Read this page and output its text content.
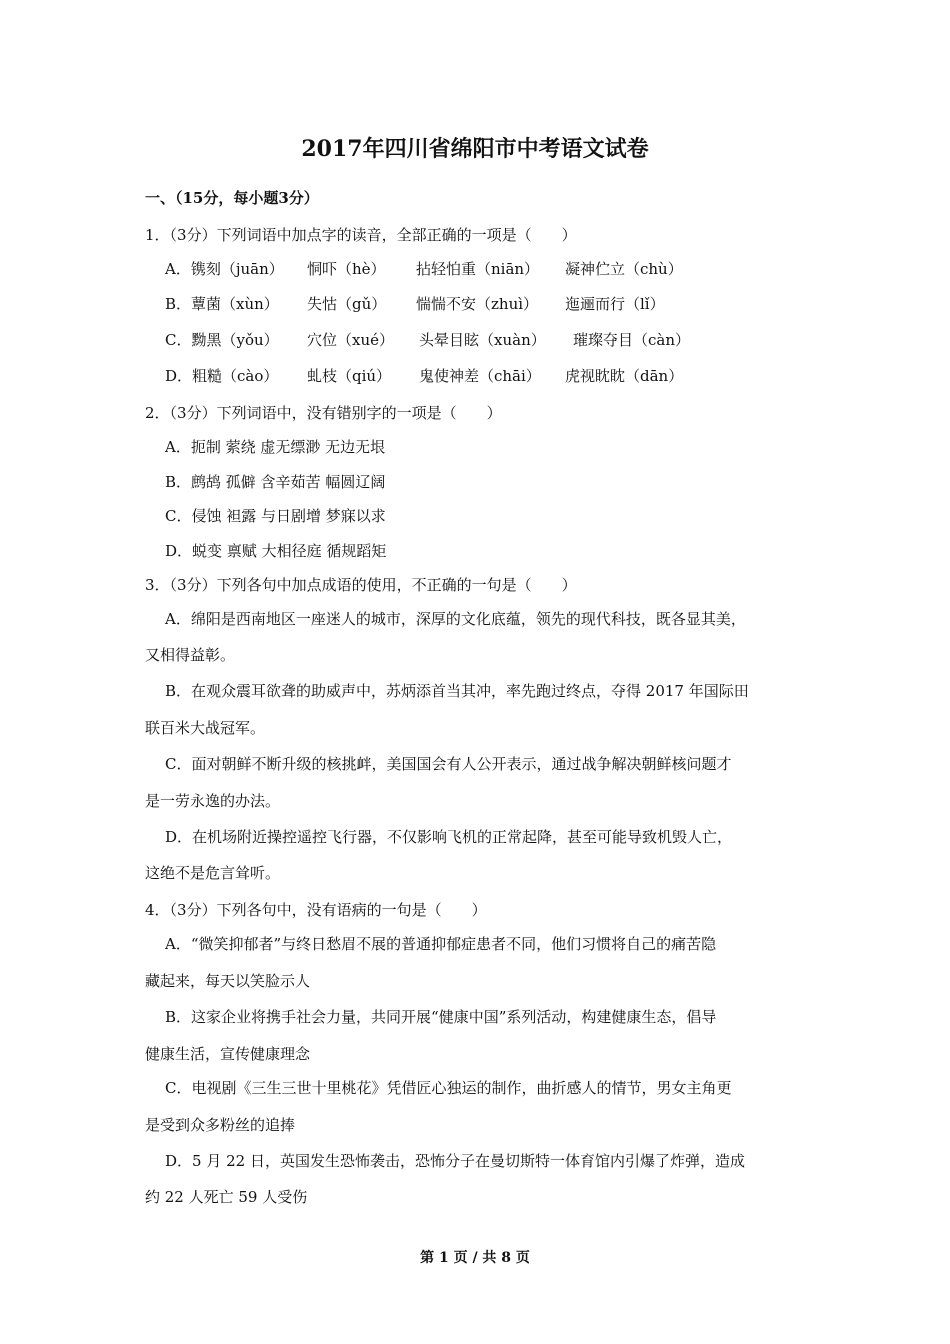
2017年四川省绵阳市中考语文试卷
一、（15分，每小题3分）
1．（3分）下列词语中加点字的读音，全部正确的一项是（　　）
A．镌刻（juān） 恫吓（hè） 拈轻怕重（niān） 凝神伫立（chù）
B．蕈菌（xùn） 失怙（gǔ） 惴惴不安（zhuì） 迤逦而行（lǐ）
C．黝黑（yǒu） 穴位（xué） 头晕目眩（xuàn） 璀璨夺目（càn）
D．粗糙（cào） 虬枝（qiú） 鬼使神差（chāi） 虎视眈眈（dān）
2．（3分）下列词语中，没有错别字的一项是（　　）
A．扼制 萦绕 虚无缥渺 无边无垠
B．鹧鸪 孤僻 含辛茹苦 幅圆辽阔
C．侵蚀 袒露 与日剧增 梦寐以求
D．蜕变 禀赋 大相径庭 循规蹈矩
3．（3分）下列各句中加点成语的使用，不正确的一句是（　　）
A．绵阳是西南地区一座迷人的城市，深厚的文化底蕴，领先的现代科技，既各显其美，
又相得益彰。
B．在观众震耳欲聋的助威声中，苏炳添首当其冲，率先跑过终点，夺得 2017 年国际田
联百米大战冠军。
C．面对朝鲜不断升级的核挑衅，美国国会有人公开表示，通过战争解决朝鲜核问题才
是一劳永逸的办法。
D．在机场附近操控遥控飞行器，不仅影响飞机的正常起降，甚至可能导致机毁人亡，
这绝不是危言耸听。
4．（3分）下列各句中，没有语病的一句是（　　）
A．“微笑抑郁者”与终日愁眉不展的普通抑郁症患者不同，他们习惯将自己的痛苦隐
藏起来，每天以笑脸示人
B．这家企业将携手社会力量，共同开展“健康中国”系列活动，构建健康生态，倡导
健康生活，宣传健康理念
C．电视剧《三生三世十里桃花》凭借匠心独运的制作，曲折感人的情节，男女主角更
是受到众多粉丝的追捧
D．5 月 22 日，英国发生恐怖袭击，恐怖分子在曼切斯特一体育馆内引爆了炸弹，造成
约 22 人死亡 59 人受伤
第 1 页 / 共 8 页
